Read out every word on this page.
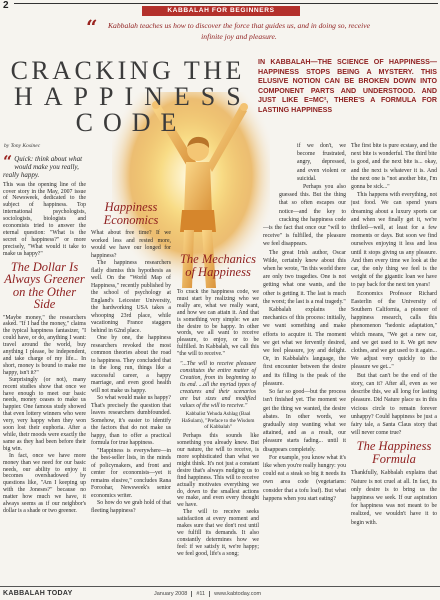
2	KABBALAH FOR BEGINNERS
“	Kabbalah teaches us how to discover the force that guides us, and in doing so, receive infinite joy and pleasure.
CRACKING THE
HAPPINESS
CODE
IN KABBALAH—THE SCIENCE OF HAPPINESS—HAPPINESS STOPS BEING A MYSTERY. THIS ELUSIVE NOTION CAN BE BROKEN DOWN INTO COMPONENT PARTS AND UNDERSTOOD. AND JUST LIKE E=MC², THERE'S A FORMULA FOR LASTING HAPPINESS
by Tony Kosinec
“ Quick: think about what would make you really, really happy.

This was the opening line of the cover story in the May, 2007 issue of Newsweek, dedicated to the subject of happiness. Top international psychologists, sociologists, biologists and economists tried to answer the eternal question: "What is the secret of happiness?" or more precisely, "What would it take to make us happy?"

The Dollar Is Always Greener on the Other Side

"Maybe money," the researchers asked. "If I had the money," claims the typical happiness fantasizer, "I could have, or do, anything I want: travel around the world, buy anything I please, be independent, and take charge of my life... In short, money is bound to make me happy, isn't it?"

Surprisingly (or not), many recent studies show that once we have enough to meet our basic needs, money ceases to make us happier. One famous study showed that even lottery winners who were very, very happy when they won soon lost their euphoria. After a while, their moods were exactly the same as they had been before their big win.

In fact, once we have more money than we need for our basic needs, our ability to enjoy it becomes overshadowed by questions like, "Am I keeping up with the Joneses?" because no matter how much we have, it always seems as if our neighbor's dollar is a shade or two greener.

Happiness Economics

What about free time? If we worked less and rested more, would we have our longed for happiness?

The happiness researchers flatly dismiss this hypothesis as well. On the "World Map of Happiness," recently published by the school of psychology at England's Leicester University, the hardworking USA takes a whooping 23rd place, while vacationing France staggers behind in 62nd place.

One by one, the happiness researchers revoked the most common theories about the road to happiness. They concluded that in the long run, things like a successful career, a happy marriage, and even good health will not make us happy.

So what would make us happy? That's precisely the question that leaves researchers dumbfounded. Somehow, it's easier to identify the factors that do not make us happy, than to offer a practical formula for true happiness.

"Happiness is everywhere—in the best-seller lists, in the minds of policymakers, and front and center for economists—yet it remains elusive," concludes Rana Foroohar, Newsweek's senior economics writer.

So how do we grab hold of that fleeting happiness?

The Mechanics of Happiness

To crack the happiness code, we must start by realizing who we really are, what we really want, and how we can attain it. And that is something very simple: we are the desire to be happy. In other words, we all want to receive pleasure, to enjoy, or to be fulfilled. In Kabbalah, we call this "the will to receive."

"...The will to receive pleasure constitutes the entire matter of Creation, from its beginning to its end. ...all the myriad types of creatures and their scenarios are but sizes and modified values of the will to receive."

Kabbalist Yehuda Ashlag (Baal HaSulam), "Preface to the Wisdom of Kabbalah"

Perhaps this sounds like something you already knew. But our nature, the will to receive, is more sophisticated than what we might think. It's not just a constant desire that's always nudging us to find happiness. This will to receive actually motivates everything we do, down to the smallest actions we make, and even every thought we have.

The will to receive seeks satisfaction at every moment and makes sure that we don't rest until we fulfill its demands. It also constantly determines how we feel: if we satisfy it, we're happy; we feel good, life's a song;

if we don't, we become frustrated, angry, depressed, and even violent or suicidal.

Perhaps you also guessed this. But the thing that so often escapes our notice—and the key to cracking the happiness code—is the fact that once our "will to receive" is fulfilled, the pleasure we feel disappears.

The great Irish author, Oscar Wilde, certainly knew about this when he wrote, "In this world there are only two tragedies. One is not getting what one wants, and the other is getting it. The last is much the worst; the last is a real tragedy."

Kabbalah explains the mechanics of this process: initially, we want something and make efforts to acquire it. The moment we get what we fervently desired, we feel pleasure, joy and delight. Or, in Kabbalah's language, the first encounter between the desire and its filling is the peak of the pleasure.

So far so good—but the process isn't finished yet. The moment we get the thing we wanted, the desire abates. In other words, we gradually stop wanting what we attained, and as a result, our pleasure starts fading... until it disappears completely.

For example, you know what it's like when you're really hungry: you could eat a steak so big it needs its own area code (vegetarians: consider that a tofu loaf). But what happens when you start eating?

The first bite is pure ecstasy, and the next bite is wonderful. The third bite is good, and the next bite is... okay, and the next is whatever it is. And the next one is "not another bite, I'm gonna be sick..."

This happens with everything, not just food. We can spend years dreaming about a luxury sports car and when we finally get it, we're thrilled—well, at least for a few moments or days. But soon we find ourselves enjoying it less and less until it stops giving us any pleasure. And then every time we look at the car, the only thing we feel is the weight of the gigantic loan we have to pay back for the next ten years!

Economics Professor Richard Easterlin of the University of Southern California, a pioneer of happiness research, calls this phenomenon "hedonic adaptation," which means, "We get a new car, and we get used to it. We get new clothes, and we get used to it again... We adjust very quickly to the pleasure we get..."

But that can't be the end of the story, can it? After all, even as we describe this, we all long for lasting pleasure. Did Nature place us in this vicious circle to remain forever unhappy? Could happiness be just a fairy tale, a Santa Claus story that will never come true?

The Happiness Formula

Thankfully, Kabbalah explains that Nature is not cruel at all. In fact, its only desire is to bring us the happiness we seek. If our aspiration for happiness was not meant to be realized, we wouldn't have it to begin with.

KABBALAH TODAY	January 2008 #11 www.kabtoday.com
